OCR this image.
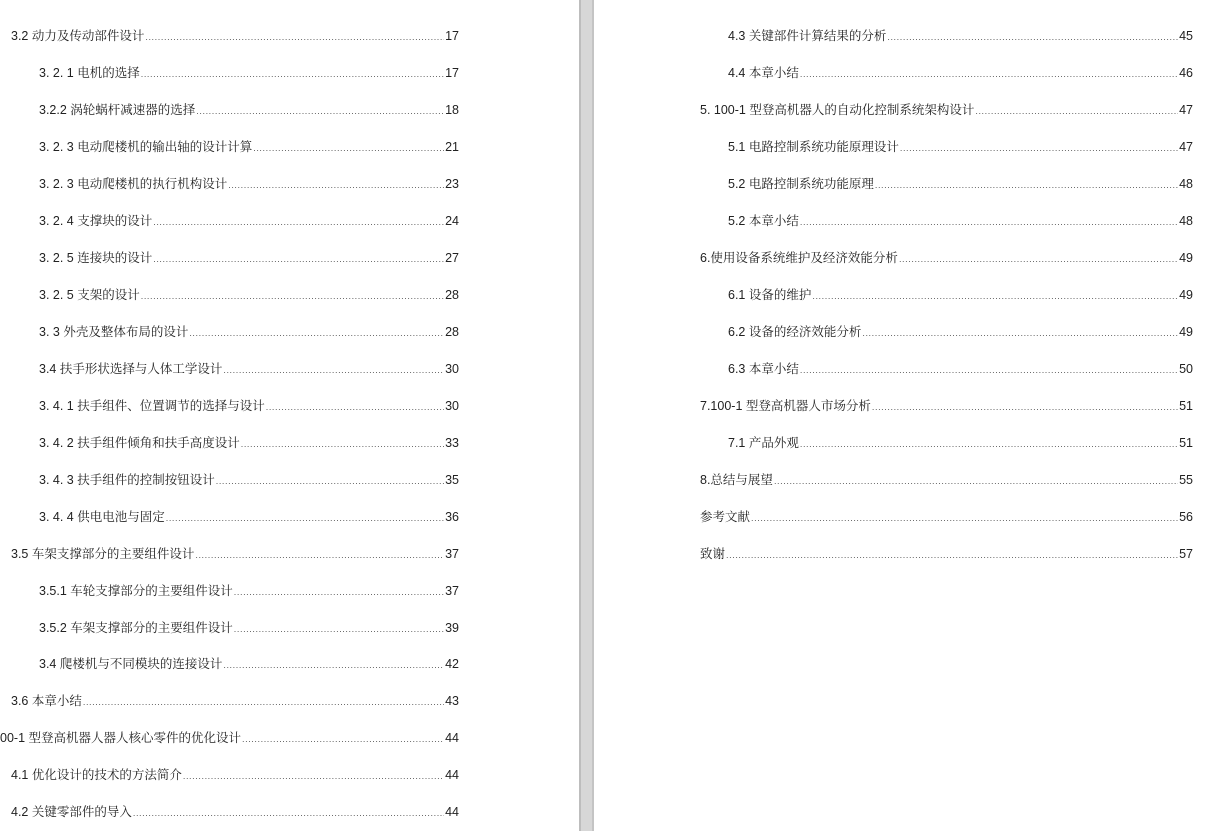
3.2 动力及传动部件设计 .....	17
3. 2. 1 电机的选择 .....	17
3.2.2 涡轮蜗杆减速器的选择 .....	18
3. 2. 3 电动爬楼机的输出轴的设计计算 .....	21
3. 2. 3 电动爬楼机的执行机构设计 .....	23
3. 2. 4 支撑块的设计 .....	24
3. 2. 5 连接块的设计 .....	27
3. 2. 5 支架的设计 .....	28
3. 3 外壳及整体布局的设计 .....	28
3.4 扶手形状选择与人体工学设计 .....	30
3. 4. 1 扶手组件、位置调节的选择与设计 .....	30
3. 4. 2 扶手组件倾角和扶手高度设计 .....	33
3. 4. 3 扶手组件的控制按钮设计 .....	35
3. 4. 4 供电电池与固定 .....	36
3.5 车架支撑部分的主要组件设计 .....	37
3.5.1 车轮支撑部分的主要组件设计 .....	37
3.5.2 车架支撑部分的主要组件设计 .....	39
3.4 爬楼机与不同模块的连接设计 .....	42
3.6 本章小结 .....	43
00-1 型登高机器人器人核心零件的优化设计 .....	44
4.1 优化设计的技术的方法简介 .....	44
4.2 关键零部件的导入 .....	44
4.3 关键部件计算结果的分析 .....	45
4.4 本章小结 .....	46
5. 100-1 型登高机器人的自动化控制系统架构设计 .....	47
5.1 电路控制系统功能原理设计 .....	47
5.2 电路控制系统功能原理 .....	48
5.2 本章小结 .....	48
6.使用设备系统维护及经济效能分析 .....	49
6.1 设备的维护 .....	49
6.2 设备的经济效能分析 .....	49
6.3 本章小结 .....	50
7.100-1 型登高机器人市场分析 .....	51
7.1 产品外观 .....	51
8.总结与展望 .....	55
参考文献 .....	56
致谢 .....	57
